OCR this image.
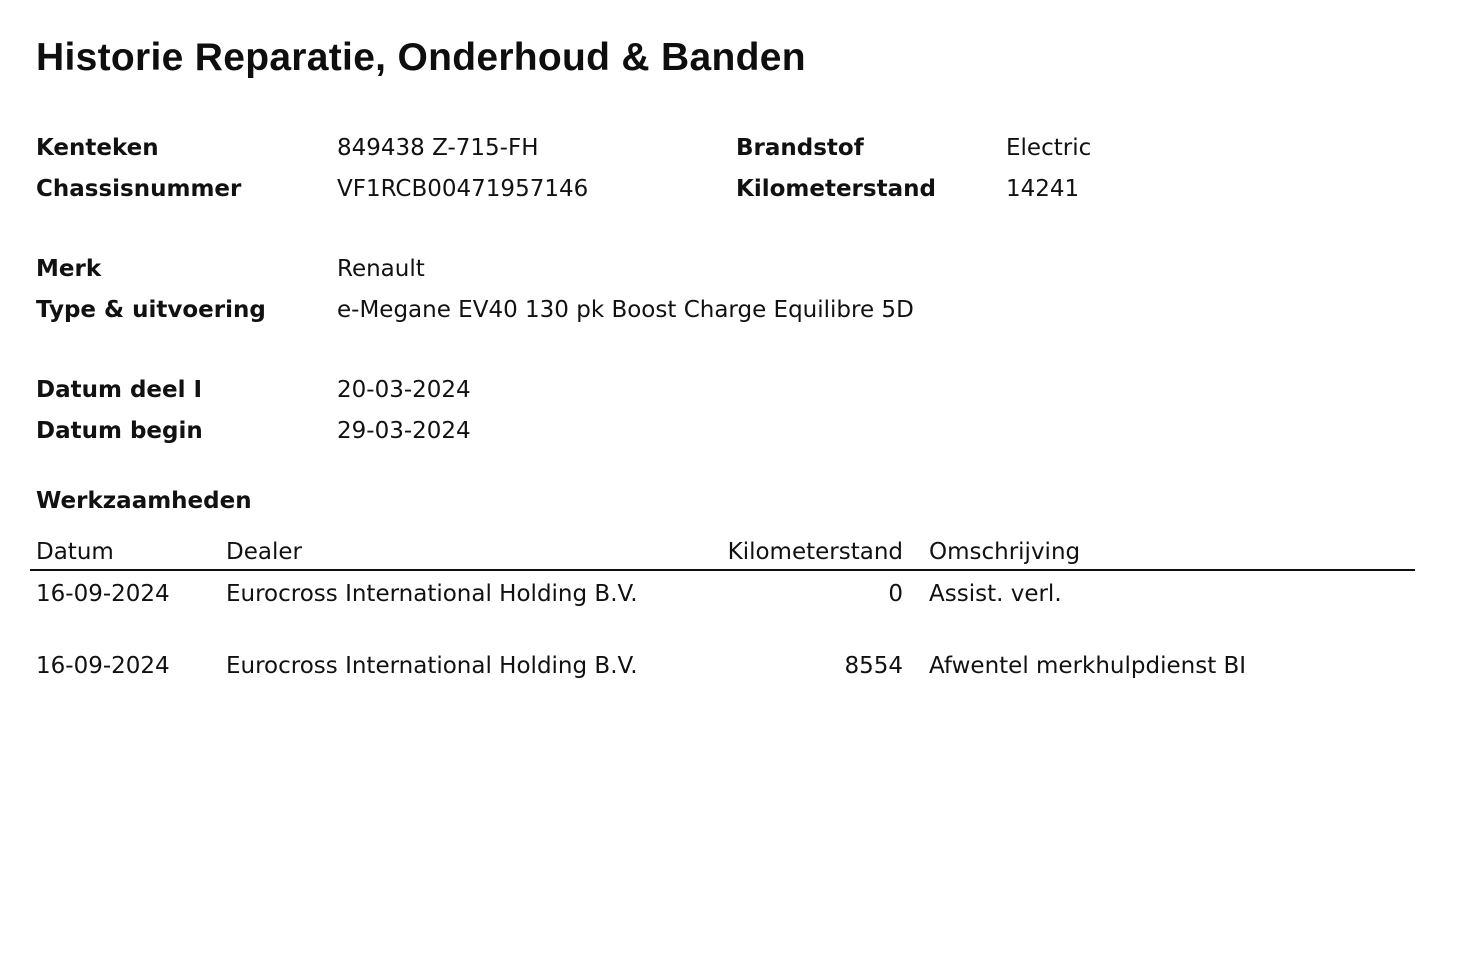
Historie Reparatie, Onderhoud & Banden
Kenteken	849438 Z-715-FH	Brandstof	Electric
Chassisnummer	VF1RCB00471957146	Kilometerstand	14241
Merk	Renault
Type & uitvoering	e-Megane EV40 130 pk Boost Charge Equilibre 5D
Datum deel I	20-03-2024
Datum begin	29-03-2024
Werkzaamheden
Datum	Dealer	Kilometerstand Omschrijving
16-09-2024 Eurocross International Holding B.V.	0 Assist. verl.
16-09-2024 Eurocross International Holding B.V.	8554 Afwentel merkhulpdienst BI
